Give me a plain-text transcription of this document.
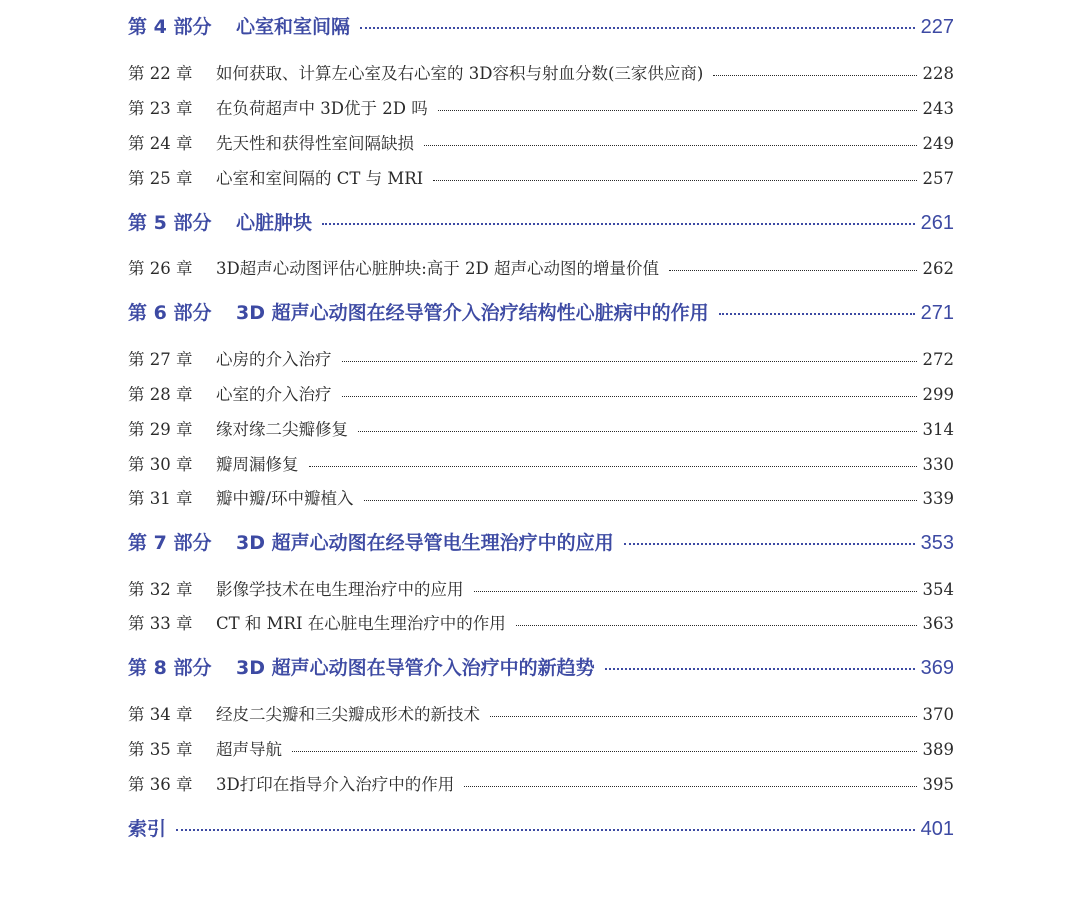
第 4 部分	心室和室间隔	227
第 22 章	如何获取、计算左心室及右心室的 3D容积与射血分数(三家供应商)	228
第 23 章	在负荷超声中 3D优于 2D 吗	243
第 24 章	先天性和获得性室间隔缺损	249
第 25 章	心室和室间隔的 CT 与 MRI	257
第 5 部分	心脏肿块	261
第 26 章	3D超声心动图评估心脏肿块:高于 2D 超声心动图的增量价值	262
第 6 部分	3D 超声心动图在经导管介入治疗结构性心脏病中的作用	271
第 27 章	心房的介入治疗	272
第 28 章	心室的介入治疗	299
第 29 章	缘对缘二尖瓣修复	314
第 30 章	瓣周漏修复	330
第 31 章	瓣中瓣/环中瓣植入	339
第 7 部分	3D 超声心动图在经导管电生理治疗中的应用	353
第 32 章	影像学技术在电生理治疗中的应用	354
第 33 章	CT 和 MRI 在心脏电生理治疗中的作用	363
第 8 部分	3D 超声心动图在导管介入治疗中的新趋势	369
第 34 章	经皮二尖瓣和三尖瓣成形术的新技术	370
第 35 章	超声导航	389
第 36 章	3D打印在指导介入治疗中的作用	395
索引	401
